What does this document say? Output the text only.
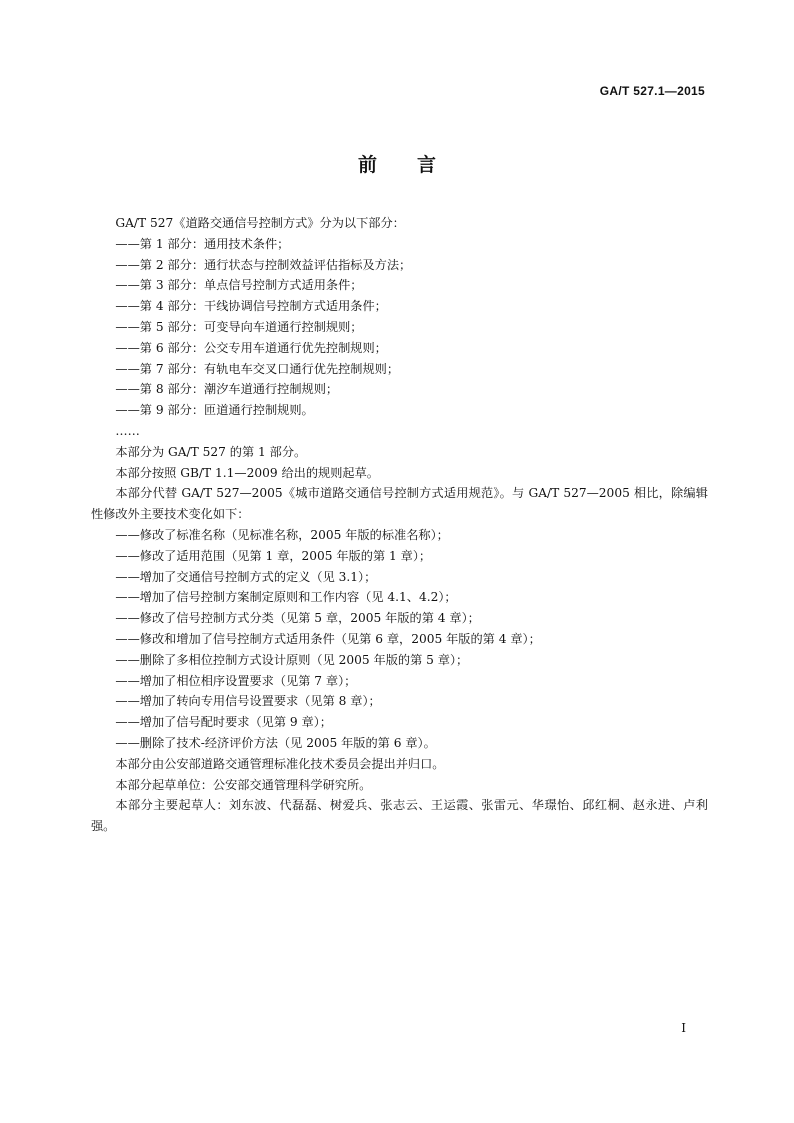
GA/T 527.1—2015
前言
GA/T 527《道路交通信号控制方式》分为以下部分：
——第 1 部分：通用技术条件；
——第 2 部分：通行状态与控制效益评估指标及方法；
——第 3 部分：单点信号控制方式适用条件；
——第 4 部分：干线协调信号控制方式适用条件；
——第 5 部分：可变导向车道通行控制规则；
——第 6 部分：公交专用车道通行优先控制规则；
——第 7 部分：有轨电车交叉口通行优先控制规则；
——第 8 部分：潮汐车道通行控制规则；
——第 9 部分：匝道通行控制规则。
……
本部分为 GA/T 527 的第 1 部分。
本部分按照 GB/T 1.1—2009 给出的规则起草。
本部分代替 GA/T 527—2005《城市道路交通信号控制方式适用规范》。与 GA/T 527—2005 相比，除编辑性修改外主要技术变化如下：
——修改了标准名称（见标准名称，2005 年版的标准名称）；
——修改了适用范围（见第 1 章，2005 年版的第 1 章）；
——增加了交通信号控制方式的定义（见 3.1）；
——增加了信号控制方案制定原则和工作内容（见 4.1、4.2）；
——修改了信号控制方式分类（见第 5 章，2005 年版的第 4 章）；
——修改和增加了信号控制方式适用条件（见第 6 章，2005 年版的第 4 章）；
——删除了多相位控制方式设计原则（见 2005 年版的第 5 章）；
——增加了相位相序设置要求（见第 7 章）；
——增加了转向专用信号设置要求（见第 8 章）；
——增加了信号配时要求（见第 9 章）；
——删除了技术-经济评价方法（见 2005 年版的第 6 章）。
本部分由公安部道路交通管理标准化技术委员会提出并归口。
本部分起草单位：公安部交通管理科学研究所。
本部分主要起草人：刘东波、代磊磊、树爱兵、张志云、王运霞、张雷元、华璟怡、邱红桐、赵永进、卢利强。
I
